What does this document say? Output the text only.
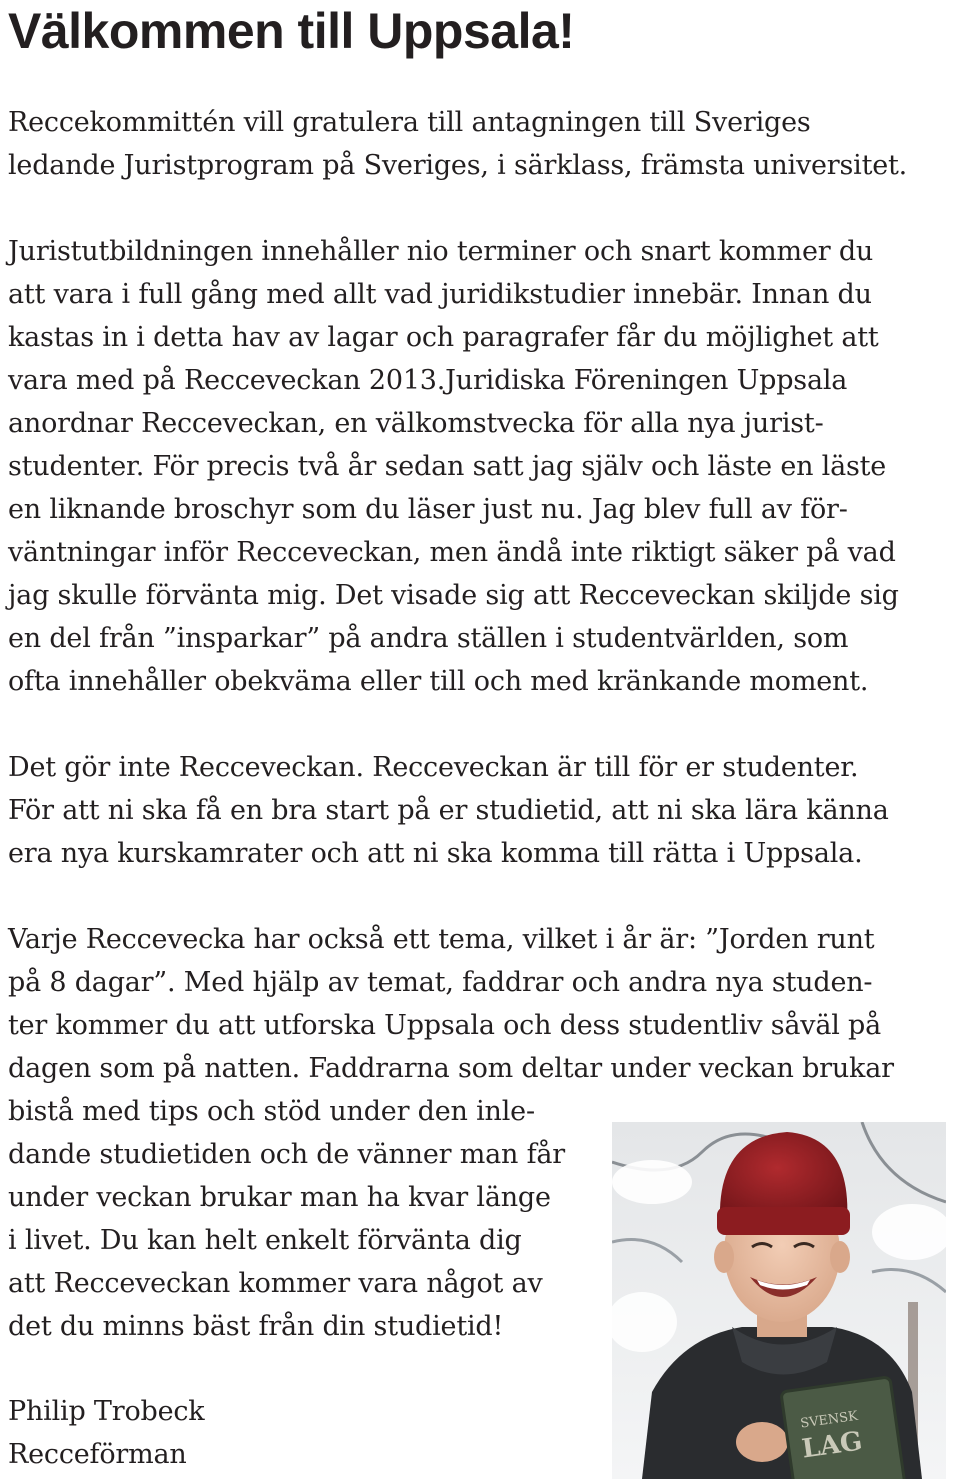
Välkommen till Uppsala!
Reccekommittén vill gratulera till antagningen till Sveriges
ledande Juristprogram på Sveriges, i särklass, främsta universitet.
Juristutbildningen innehåller nio terminer och snart kommer du
att vara i full gång med allt vad juridikstudier innebär. Innan du
kastas in i detta hav av lagar och paragrafer får du möjlighet att
vara med på Recceveckan 2013.Juridiska Föreningen Uppsala
anordnar Recceveckan, en välkomstvecka för alla nya jurist-
studenter. För precis två år sedan satt jag själv och läste en läste
en liknande broschyr som du läser just nu. Jag blev full av för-
väntningar inför Recceveckan, men ändå inte riktigt säker på vad
jag skulle förvänta mig. Det visade sig att Recceveckan skiljde sig
en del från ”insparkar” på andra ställen i studentvärlden, som
ofta innehåller obekväma eller till och med kränkande moment.
Det gör inte Recceveckan. Recceveckan är till för er studenter.
För att ni ska få en bra start på er studietid, att ni ska lära känna
era nya kurskamrater och att ni ska komma till rätta i Uppsala.
Varje Reccevecka har också ett tema, vilket i år är: ”Jorden runt
på 8 dagar”. Med hjälp av temat, faddrar och andra nya studen-
ter kommer du att utforska Uppsala och dess studentliv såväl på
dagen som på natten. Faddrarna som deltar under veckan brukar
bistå med tips och stöd under den inle-
dande studietiden och de vänner man får
under veckan brukar man ha kvar länge
i livet. Du kan helt enkelt förvänta dig
att Recceveckan kommer vara något av
det du minns bäst från din studietid!
Philip Trobeck
Recceförman
SVENSK
LAG
